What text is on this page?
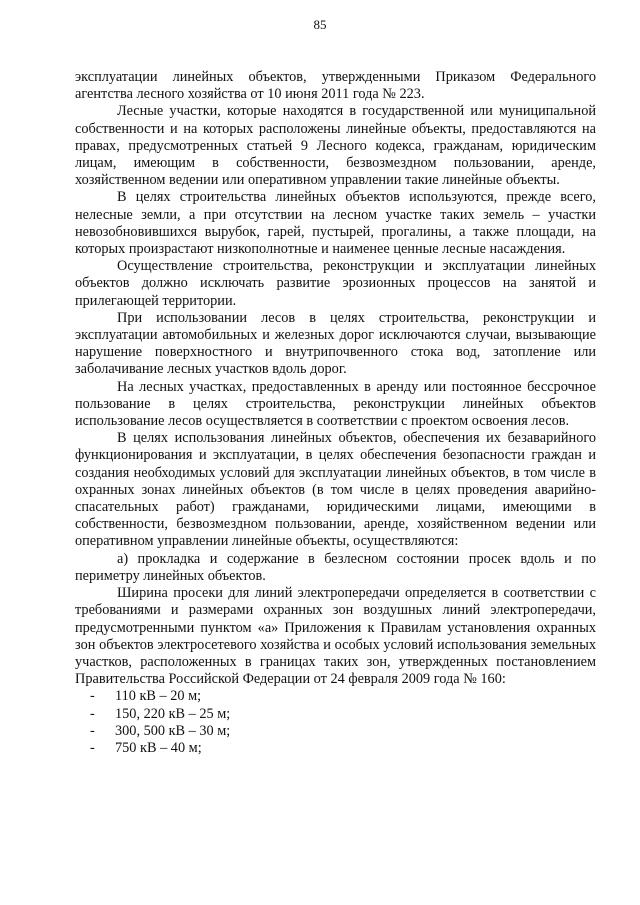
85

эксплуатации линейных объектов, утвержденными Приказом Федерального агентства лесного хозяйства от 10 июня 2011 года № 223.

Лесные участки, которые находятся в государственной или муниципальной собственности и на которых расположены линейные объекты, предоставляются на правах, предусмотренных статьей 9 Лесного кодекса, гражданам, юридическим лицам, имеющим в собственности, безвозмездном пользовании, аренде, хозяйственном ведении или оперативном управлении такие линейные объекты.

В целях строительства линейных объектов используются, прежде всего, нелесные земли, а при отсутствии на лесном участке таких земель – участки невозобновившихся вырубок, гарей, пустырей, прогалины, а также площади, на которых произрастают низкополнотные и наименее ценные лесные насаждения.

Осуществление строительства, реконструкции и эксплуатации линейных объектов должно исключать развитие эрозионных процессов на занятой и прилегающей территории.

При использовании лесов в целях строительства, реконструкции и эксплуатации автомобильных и железных дорог исключаются случаи, вызывающие нарушение поверхностного и внутрипочвенного стока вод, затопление или заболачивание лесных участков вдоль дорог.

На лесных участках, предоставленных в аренду или постоянное бессрочное пользование в целях строительства, реконструкции линейных объектов использование лесов осуществляется в соответствии с проектом освоения лесов.

В целях использования линейных объектов, обеспечения их безаварийного функционирования и эксплуатации, в целях обеспечения безопасности граждан и создания необходимых условий для эксплуатации линейных объектов, в том числе в охранных зонах линейных объектов (в том числе в целях проведения аварийно-спасательных работ) гражданами, юридическими лицами, имеющими в собственности, безвозмездном пользовании, аренде, хозяйственном ведении или оперативном управлении линейные объекты, осуществляются:

а) прокладка и содержание в безлесном состоянии просек вдоль и по периметру линейных объектов.

Ширина просеки для линий электропередачи определяется в соответствии с требованиями и размерами охранных зон воздушных линий электропередачи, предусмотренными пунктом «а» Приложения к Правилам установления охранных зон объектов электросетевого хозяйства и особых условий использования земельных участков, расположенных в границах таких зон, утвержденных постановлением Правительства Российской Федерации от 24 февраля 2009 года № 160:

- 110 кВ – 20 м;
- 150, 220 кВ – 25 м;
- 300, 500 кВ – 30 м;
- 750 кВ – 40 м;
